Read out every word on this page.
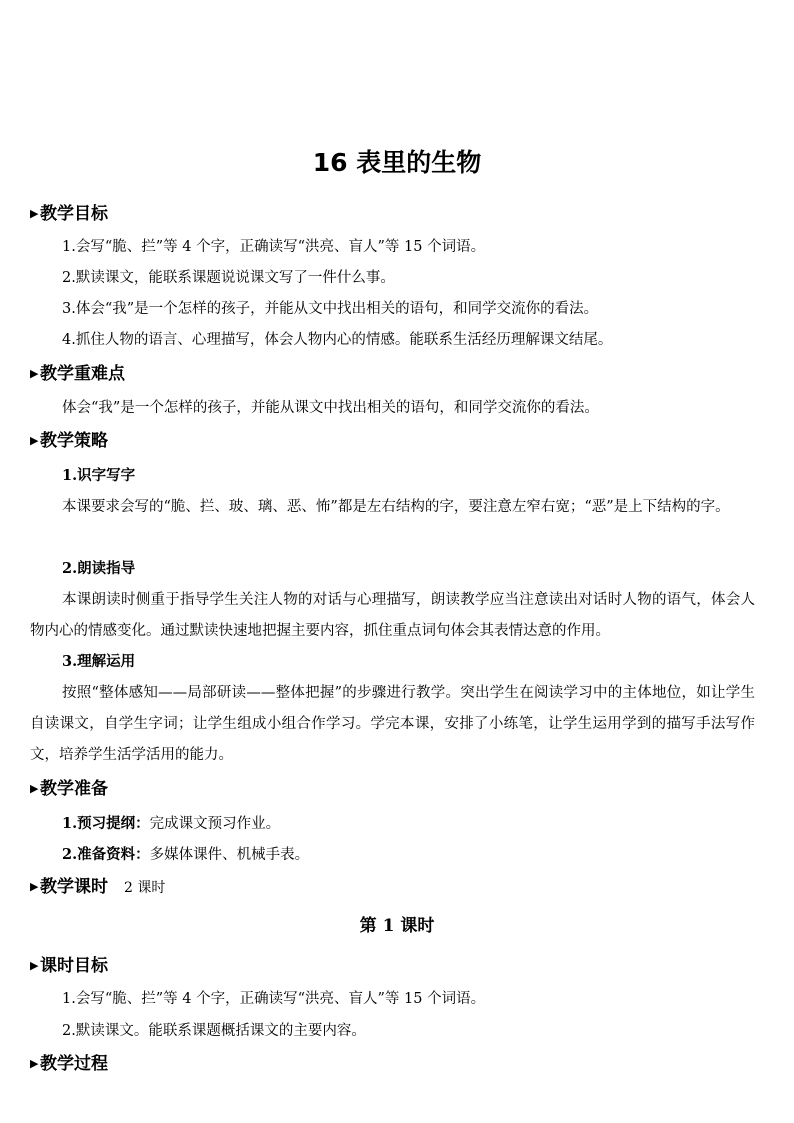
16 表里的生物
▶教学目标
1.会写“脆、拦”等 4 个字，正确读写“洪亮、盲人”等 15 个词语。
2.默读课文，能联系课题说说课文写了一件什么事。
3.体会“我”是一个怎样的孩子，并能从文中找出相关的语句，和同学交流你的看法。
4.抓住人物的语言、心理描写，体会人物内心的情感。能联系生活经历理解课文结尾。
▶教学重难点
体会“我”是一个怎样的孩子，并能从课文中找出相关的语句，和同学交流你的看法。
▶教学策略
1.识字写字
本课要求会写的“脆、拦、玻、璃、恶、怖”都是左右结构的字，要注意左窄右宽；“恶”是上下结构的字。
2.朗读指导
本课朗读时侧重于指导学生关注人物的对话与心理描写，朗读教学应当注意读出对话时人物的语气，体会人物内心的情感变化。通过默读快速地把握主要内容，抓住重点词句体会其表情达意的作用。
3.理解运用
按照“整体感知——局部研读——整体把握”的步骤进行教学。突出学生在阅读学习中的主体地位，如让学生自读课文，自学生字词；让学生组成小组合作学习。学完本课，安排了小练笔，让学生运用学到的描写手法写作文，培养学生活学活用的能力。
▶教学准备
1.预习提纲：完成课文预习作业。
2.准备资料：多媒体课件、机械手表。
▶教学课时 2 课时
第 1 课时
▶课时目标
1.会写“脆、拦”等 4 个字，正确读写“洪亮、盲人”等 15 个词语。
2.默读课文。能联系课题概括课文的主要内容。
▶教学过程
